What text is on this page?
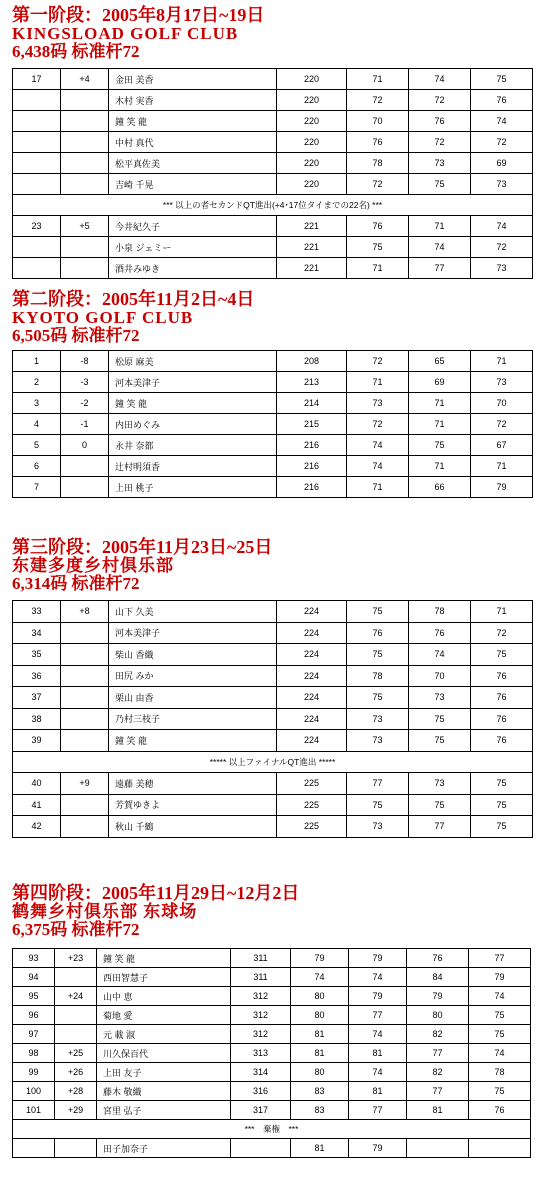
第一阶段：2005年8月17日~19日
KINGSLOAD GOLF CLUB
6,438码 标准杆72
17	+4	金田 美香	220	71	74	75
		木村 実香	220	72	72	76
		鐘 笑 龍	220	70	76	74
		中村 真代	220	76	72	72
		松平真佐美	220	78	73	69
		吉崎 千晃	220	72	75	73
*** 以上の者セカンドQT進出(+4･17位タイまでの22名) ***						
23	+5	今井紀久子	221	76	71	74
		小泉 ジェミー	221	75	74	72
		酒井みゆき	221	71	77	73
第二阶段：2005年11月2日~4日
KYOTO GOLF CLUB
6,505码 标准杆72
1	-8	松原 麻美	208	72	65	71
2	-3	河本美津子	213	71	69	73
3	-2	鐘 笑 龍	214	73	71	70
4	-1	内田めぐみ	215	72	71	72
5	0	永井 奈都	216	74	75	67
6		辻村明須香	216	74	71	71
7		上田 桃子	216	71	66	79
第三阶段：2005年11月23日~25日
东建多度乡村俱乐部
6,314码 标准杆72
33	+8	山下 久美	224	75	78	71
34		河本美津子	224	76	76	72
35		柴山 香織	224	75	74	75
36		田尻 みか	224	78	70	76
37		栗山 由香	224	75	73	76
38		乃村三枝子	224	73	75	76
39		鐘 笑 龍	224	73	75	76
***** 以上ファイナルQT進出 *****						
40	+9	遠藤 美穂	225	77	73	75
41		芳賀ゆきよ	225	75	75	75
42		秋山 千鶴	225	73	77	75
第四阶段：2005年11月29日~12月2日
鹤舞乡村俱乐部 东球场
6,375码 标准杆72
93	+23	鐘 笑 龍	311	79	79	76	77
94		西田智慧子	311	74	74	84	79
95	+24	山中 恵	312	80	79	79	74
96		菊地 愛	312	80	77	80	75
97		元 載 淑	312	81	74	82	75
98	+25	川久保百代	313	81	81	77	74
99	+26	上田 友子	314	80	74	82	78
100	+28	藤木 敬織	316	83	81	77	75
101	+29	宮里 弘子	317	83	77	81	76
***　棄権　***							
		田子加奈子		81	79		
